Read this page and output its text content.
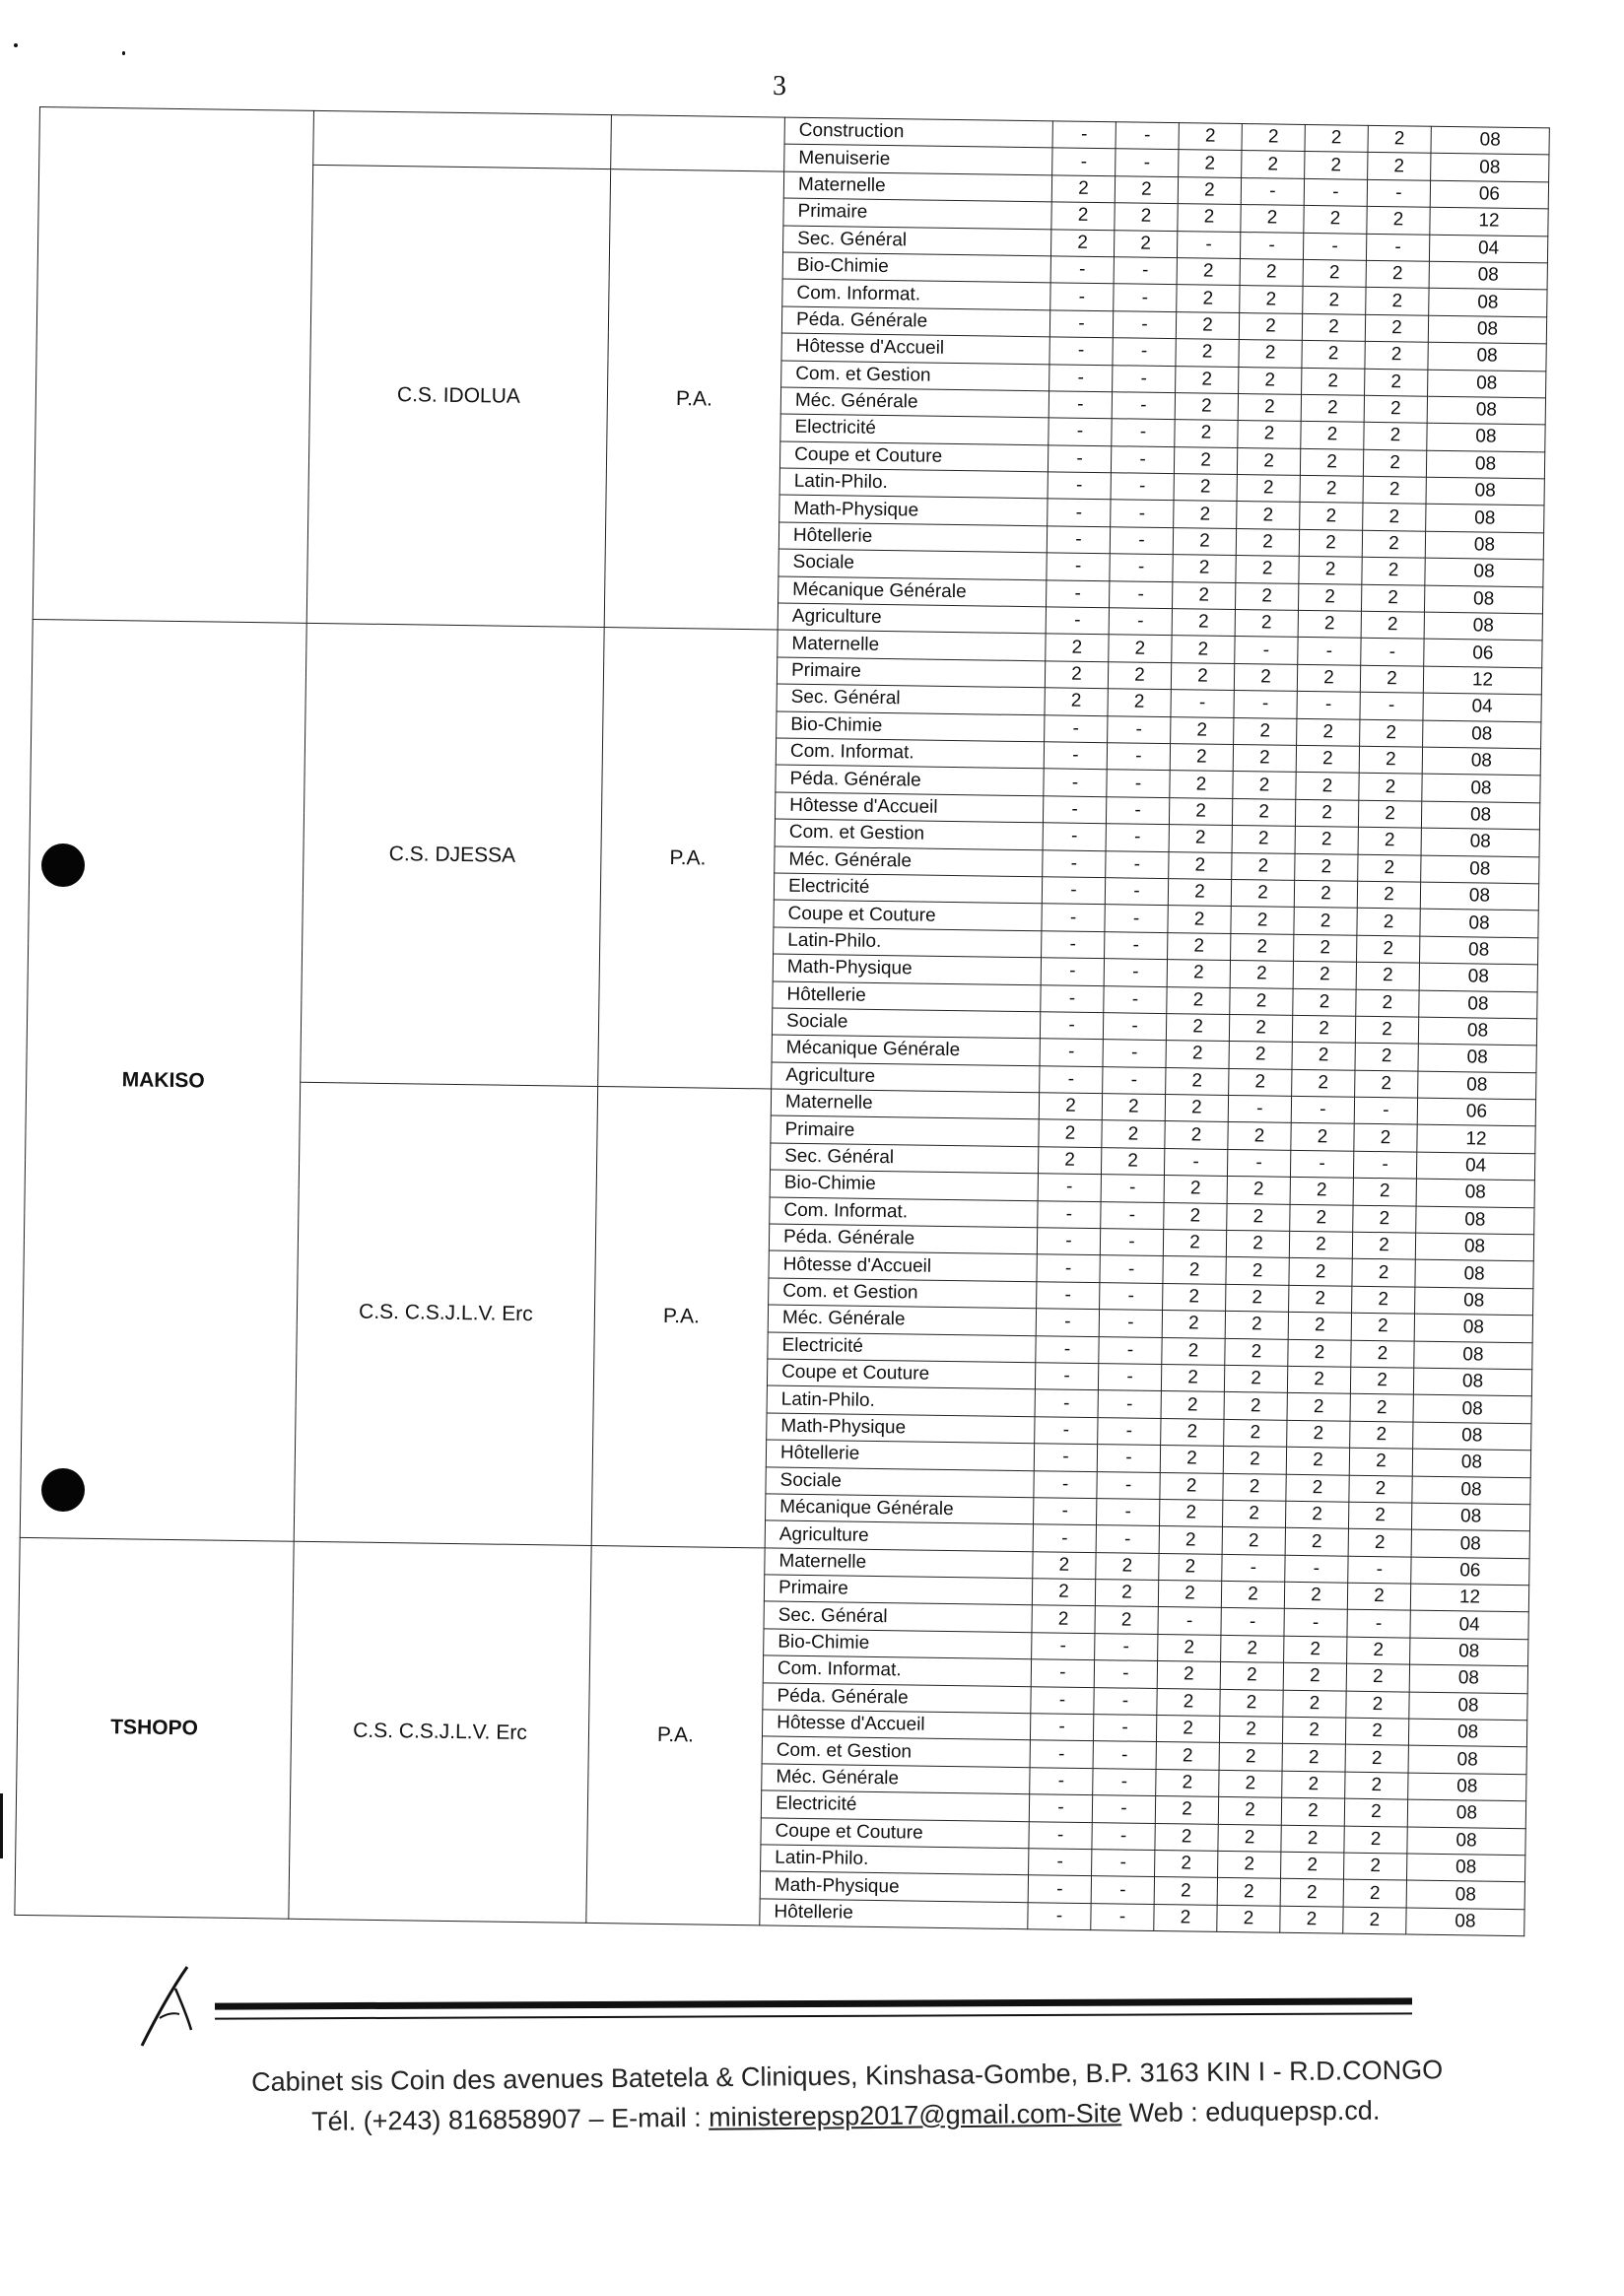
3
			Construction	-	-	2	2	2	2	08
			Menuiserie	-	-	2	2	2	2	08
	C.S. IDOLUA	P.A.	Maternelle	2	2	2	-	-	-	06
			Primaire	2	2	2	2	2	2	12
			Sec. Général	2	2	-	-	-	-	04
			Bio-Chimie	-	-	2	2	2	2	08
			Com. Informat.	-	-	2	2	2	2	08
			Péda. Générale	-	-	2	2	2	2	08
			Hôtesse d'Accueil	-	-	2	2	2	2	08
			Com. et Gestion	-	-	2	2	2	2	08
			Méc. Générale	-	-	2	2	2	2	08
			Electricité	-	-	2	2	2	2	08
			Coupe et Couture	-	-	2	2	2	2	08
			Latin-Philo.	-	-	2	2	2	2	08
			Math-Physique	-	-	2	2	2	2	08
			Hôtellerie	-	-	2	2	2	2	08
			Sociale	-	-	2	2	2	2	08
			Mécanique Générale	-	-	2	2	2	2	08
			Agriculture	-	-	2	2	2	2	08
MAKISO	C.S. DJESSA	P.A.	Maternelle	2	2	2	-	-	-	06
			Primaire	2	2	2	2	2	2	12
			Sec. Général	2	2	-	-	-	-	04
			Bio-Chimie	-	-	2	2	2	2	08
			Com. Informat.	-	-	2	2	2	2	08
			Péda. Générale	-	-	2	2	2	2	08
			Hôtesse d'Accueil	-	-	2	2	2	2	08
			Com. et Gestion	-	-	2	2	2	2	08
			Méc. Générale	-	-	2	2	2	2	08
			Electricité	-	-	2	2	2	2	08
			Coupe et Couture	-	-	2	2	2	2	08
			Latin-Philo.	-	-	2	2	2	2	08
			Math-Physique	-	-	2	2	2	2	08
			Hôtellerie	-	-	2	2	2	2	08
			Sociale	-	-	2	2	2	2	08
			Mécanique Générale	-	-	2	2	2	2	08
			Agriculture	-	-	2	2	2	2	08
	C.S. C.S.J.L.V. Erc	P.A.	Maternelle	2	2	2	-	-	-	06
			Primaire	2	2	2	2	2	2	12
			Sec. Général	2	2	-	-	-	-	04
			Bio-Chimie	-	-	2	2	2	2	08
			Com. Informat.	-	-	2	2	2	2	08
			Péda. Générale	-	-	2	2	2	2	08
			Hôtesse d'Accueil	-	-	2	2	2	2	08
			Com. et Gestion	-	-	2	2	2	2	08
			Méc. Générale	-	-	2	2	2	2	08
			Electricité	-	-	2	2	2	2	08
			Coupe et Couture	-	-	2	2	2	2	08
			Latin-Philo.	-	-	2	2	2	2	08
			Math-Physique	-	-	2	2	2	2	08
			Hôtellerie	-	-	2	2	2	2	08
			Sociale	-	-	2	2	2	2	08
			Mécanique Générale	-	-	2	2	2	2	08
			Agriculture	-	-	2	2	2	2	08
TSHOPO	C.S. C.S.J.L.V. Erc	P.A.	Maternelle	2	2	2	-	-	-	06
			Primaire	2	2	2	2	2	2	12
			Sec. Général	2	2	-	-	-	-	04
			Bio-Chimie	-	-	2	2	2	2	08
			Com. Informat.	-	-	2	2	2	2	08
			Péda. Générale	-	-	2	2	2	2	08
			Hôtesse d'Accueil	-	-	2	2	2	2	08
			Com. et Gestion	-	-	2	2	2	2	08
			Méc. Générale	-	-	2	2	2	2	08
			Electricité	-	-	2	2	2	2	08
			Coupe et Couture	-	-	2	2	2	2	08
			Latin-Philo.	-	-	2	2	2	2	08
			Math-Physique	-	-	2	2	2	2	08
			Hôtellerie	-	-	2	2	2	2	08
Cabinet sis Coin des avenues Batetela & Cliniques, Kinshasa-Gombe, B.P. 3163 KIN I - R.D.CONGO
Tél. (+243) 816858907 – E-mail : ministerepsp2017@gmail.com-Site Web : eduquepsp.cd.
